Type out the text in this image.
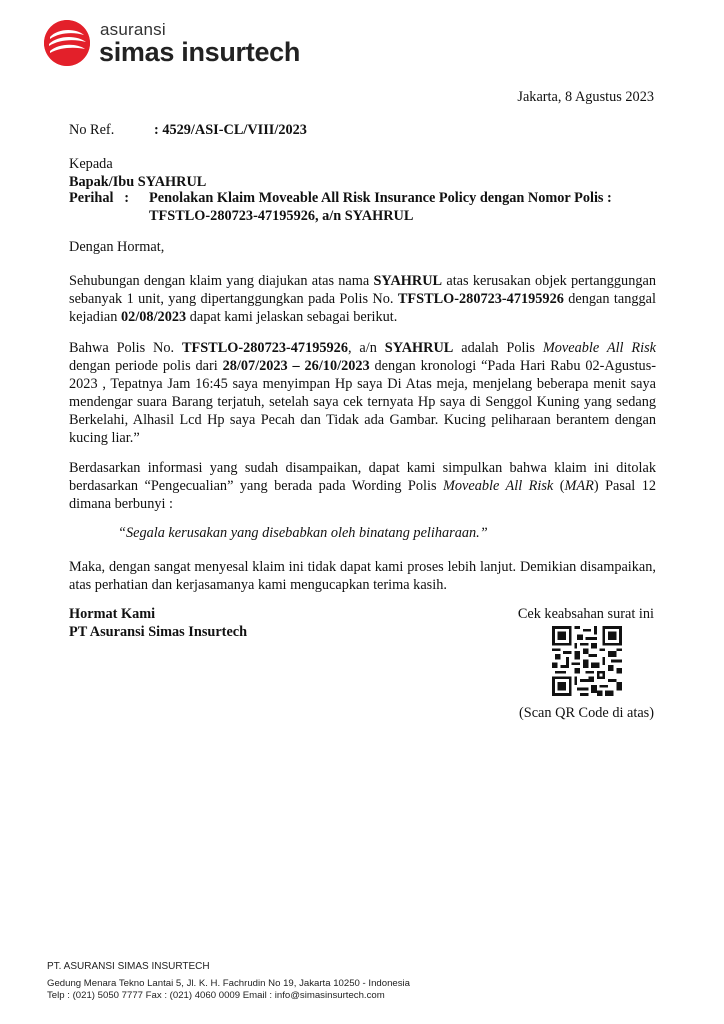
asuransi
simas insurtech
Jakarta, 8 Agustus 2023
No Ref.	: 4529/ASI-CL/VIII/2023
Kepada
Bapak/Ibu SYAHRUL
Perihal   : Penolakan Klaim Moveable All Risk Insurance Policy dengan Nomor Polis :
TFSTLO-280723-47195926, a/n SYAHRUL
Dengan Hormat,
Sehubungan dengan klaim yang diajukan atas nama SYAHRUL atas kerusakan objek pertanggungan sebanyak 1 unit, yang dipertanggungkan pada Polis No. TFSTLO-280723-47195926 dengan tanggal kejadian 02/08/2023 dapat kami jelaskan sebagai berikut.
Bahwa Polis No. TFSTLO-280723-47195926, a/n SYAHRUL adalah Polis Moveable All Risk dengan periode polis dari 28/07/2023 – 26/10/2023 dengan kronologi “Pada Hari Rabu 02-Agustus-2023 , Tepatnya Jam 16:45 saya menyimpan Hp saya Di Atas meja, menjelang beberapa menit saya mendengar suara Barang terjatuh, setelah saya cek ternyata Hp saya di Senggol Kuning yang sedang Berkelahi, Alhasil Lcd Hp saya Pecah dan Tidak ada Gambar. Kucing peliharaan berantem dengan kucing liar.”
Berdasarkan informasi yang sudah disampaikan, dapat kami simpulkan bahwa klaim ini ditolak berdasarkan “Pengecualian” yang berada pada Wording Polis Moveable All Risk (MAR) Pasal 12 dimana berbunyi :
“Segala kerusakan yang disebabkan oleh binatang peliharaan.”
Maka, dengan sangat menyesal klaim ini tidak dapat kami proses lebih lanjut. Demikian disampaikan, atas perhatian dan kerjasamanya kami mengucapkan terima kasih.
Hormat Kami
PT Asuransi Simas Insurtech
Cek keabsahan surat ini
(Scan QR Code di atas)
PT. ASURANSI SIMAS INSURTECH
Gedung Menara Tekno Lantai 5, Jl. K. H. Fachrudin No 19, Jakarta 10250 - Indonesia
Telp : (021) 5050 7777 Fax : (021) 4060 0009 Email : info@simasinsurtech.com
